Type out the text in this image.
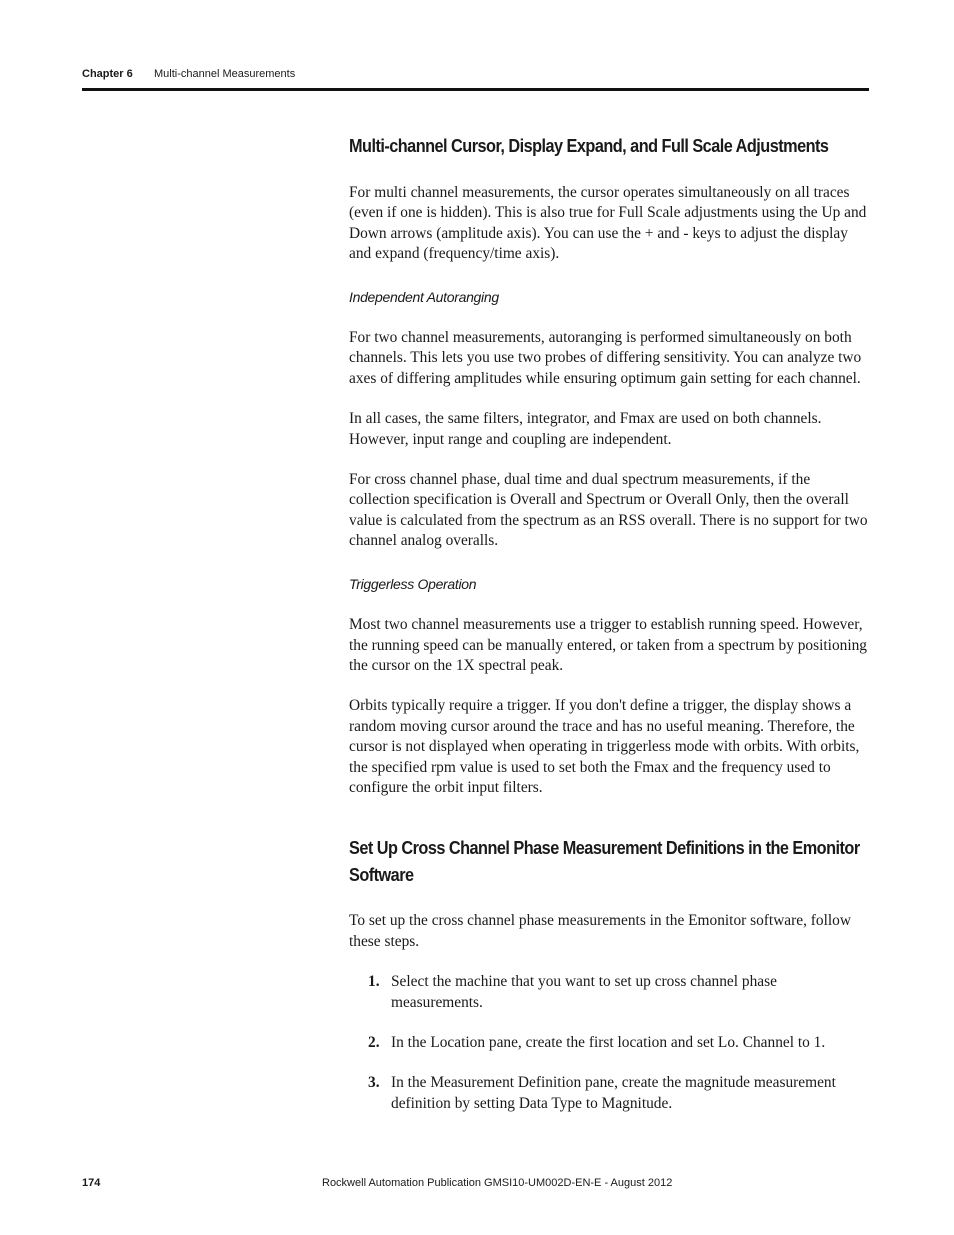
Chapter 6 Multi-channel Measurements
Multi-channel Cursor, Display Expand, and Full Scale Adjustments

For multi channel measurements, the cursor operates simultaneously on all traces (even if one is hidden). This is also true for Full Scale adjustments using the Up and Down arrows (amplitude axis). You can use the + and - keys to adjust the display and expand (frequency/time axis).

Independent Autoranging

For two channel measurements, autoranging is performed simultaneously on both channels. This lets you use two probes of differing sensitivity. You can analyze two axes of differing amplitudes while ensuring optimum gain setting for each channel.

In all cases, the same filters, integrator, and Fmax are used on both channels. However, input range and coupling are independent.

For cross channel phase, dual time and dual spectrum measurements, if the collection specification is Overall and Spectrum or Overall Only, then the overall value is calculated from the spectrum as an RSS overall. There is no support for two channel analog overalls.

Triggerless Operation

Most two channel measurements use a trigger to establish running speed. However, the running speed can be manually entered, or taken from a spectrum by positioning the cursor on the 1X spectral peak.

Orbits typically require a trigger. If you don't define a trigger, the display shows a random moving cursor around the trace and has no useful meaning. Therefore, the cursor is not displayed when operating in triggerless mode with orbits. With orbits, the specified rpm value is used to set both the Fmax and the frequency used to configure the orbit input filters.

Set Up Cross Channel Phase Measurement Definitions in the Emonitor Software

To set up the cross channel phase measurements in the Emonitor software, follow these steps.

1. Select the machine that you want to set up cross channel phase measurements.
2. In the Location pane, create the first location and set Lo. Channel to 1.
3. In the Measurement Definition pane, create the magnitude measurement definition by setting Data Type to Magnitude.
174	Rockwell Automation Publication GMSI10-UM002D-EN-E - August 2012
